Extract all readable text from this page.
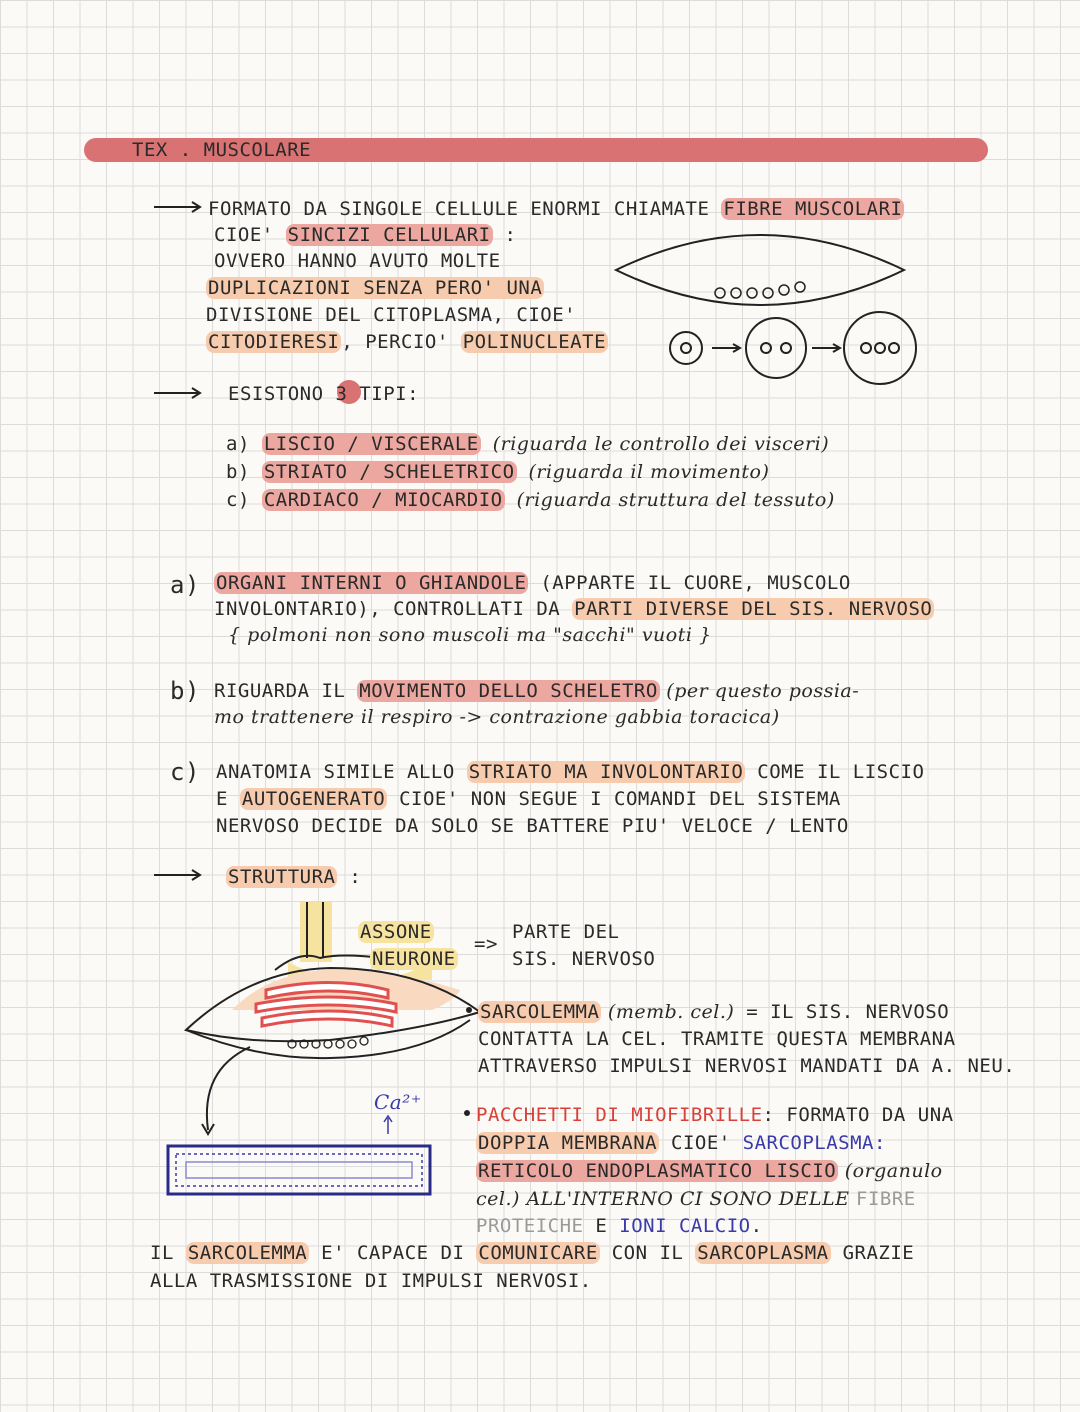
TEX . MUSCOLARE
FORMATO DA SINGOLE CELLULE ENORMI CHIAMATE FIBRE MUSCOLARI
CIOE' SINCIZI CELLULARI :
OVVERO HANNO AVUTO MOLTE
DUPLICAZIONI SENZA PERO' UNA
DIVISIONE DEL CITOPLASMA, CIOE'
CITODIERESI , PERCIO' POLINUCLEATE
ESISTONO 3 TIPI:
a) LISCIO / VISCERALE (riguarda le controllo dei visceri)
b) STRIATO / SCHELETRICO (riguarda il movimento)
c) CARDIACO / MIOCARDIO (riguarda struttura del tessuto)
a) ORGANI INTERNI O GHIANDOLE (APPARTE IL CUORE, MUSCOLO
INVOLONTARIO), CONTROLLATI DA PARTI DIVERSE DEL SIS. NERVOSO
{ polmoni non sono muscoli ma "sacchi" vuoti }
b) RIGUARDA IL MOVIMENTO DELLO SCHELETRO (per questo possia-
mo trattenere il respiro -> contrazione gabbia toracica)
c) ANATOMIA SIMILE ALLO STRIATO MA INVOLONTARIO COME IL LISCIO
E AUTOGENERATO CIOE' NON SEGUE I COMANDI DEL SISTEMA
NERVOSO DECIDE DA SOLO SE BATTERE PIU' VELOCE / LENTO
STRUTTURA :
ASSONE
NEURONE
=>
PARTE DEL
SIS. NERVOSO
Ca²⁺
SARCOLEMMA (memb. cel.) = IL SIS. NERVOSO
CONTATTA LA CEL. TRAMITE QUESTA MEMBRANA
ATTRAVERSO IMPULSI NERVOSI MANDATI DA A. NEU.
PACCHETTI DI MIOFIBRILLE: FORMATO DA UNA
DOPPIA MEMBRANA CIOE' SARCOPLASMA:
RETICOLO ENDOPLASMATICO LISCIO (organulo
cel.) ALL'INTERNO CI SONO DELLE FIBRE
PROTEICHE E IONI CALCIO.
IL SARCOLEMMA E' CAPACE DI COMUNICARE CON IL SARCOPLASMA GRAZIE
ALLA TRASMISSIONE DI IMPULSI NERVOSI.
